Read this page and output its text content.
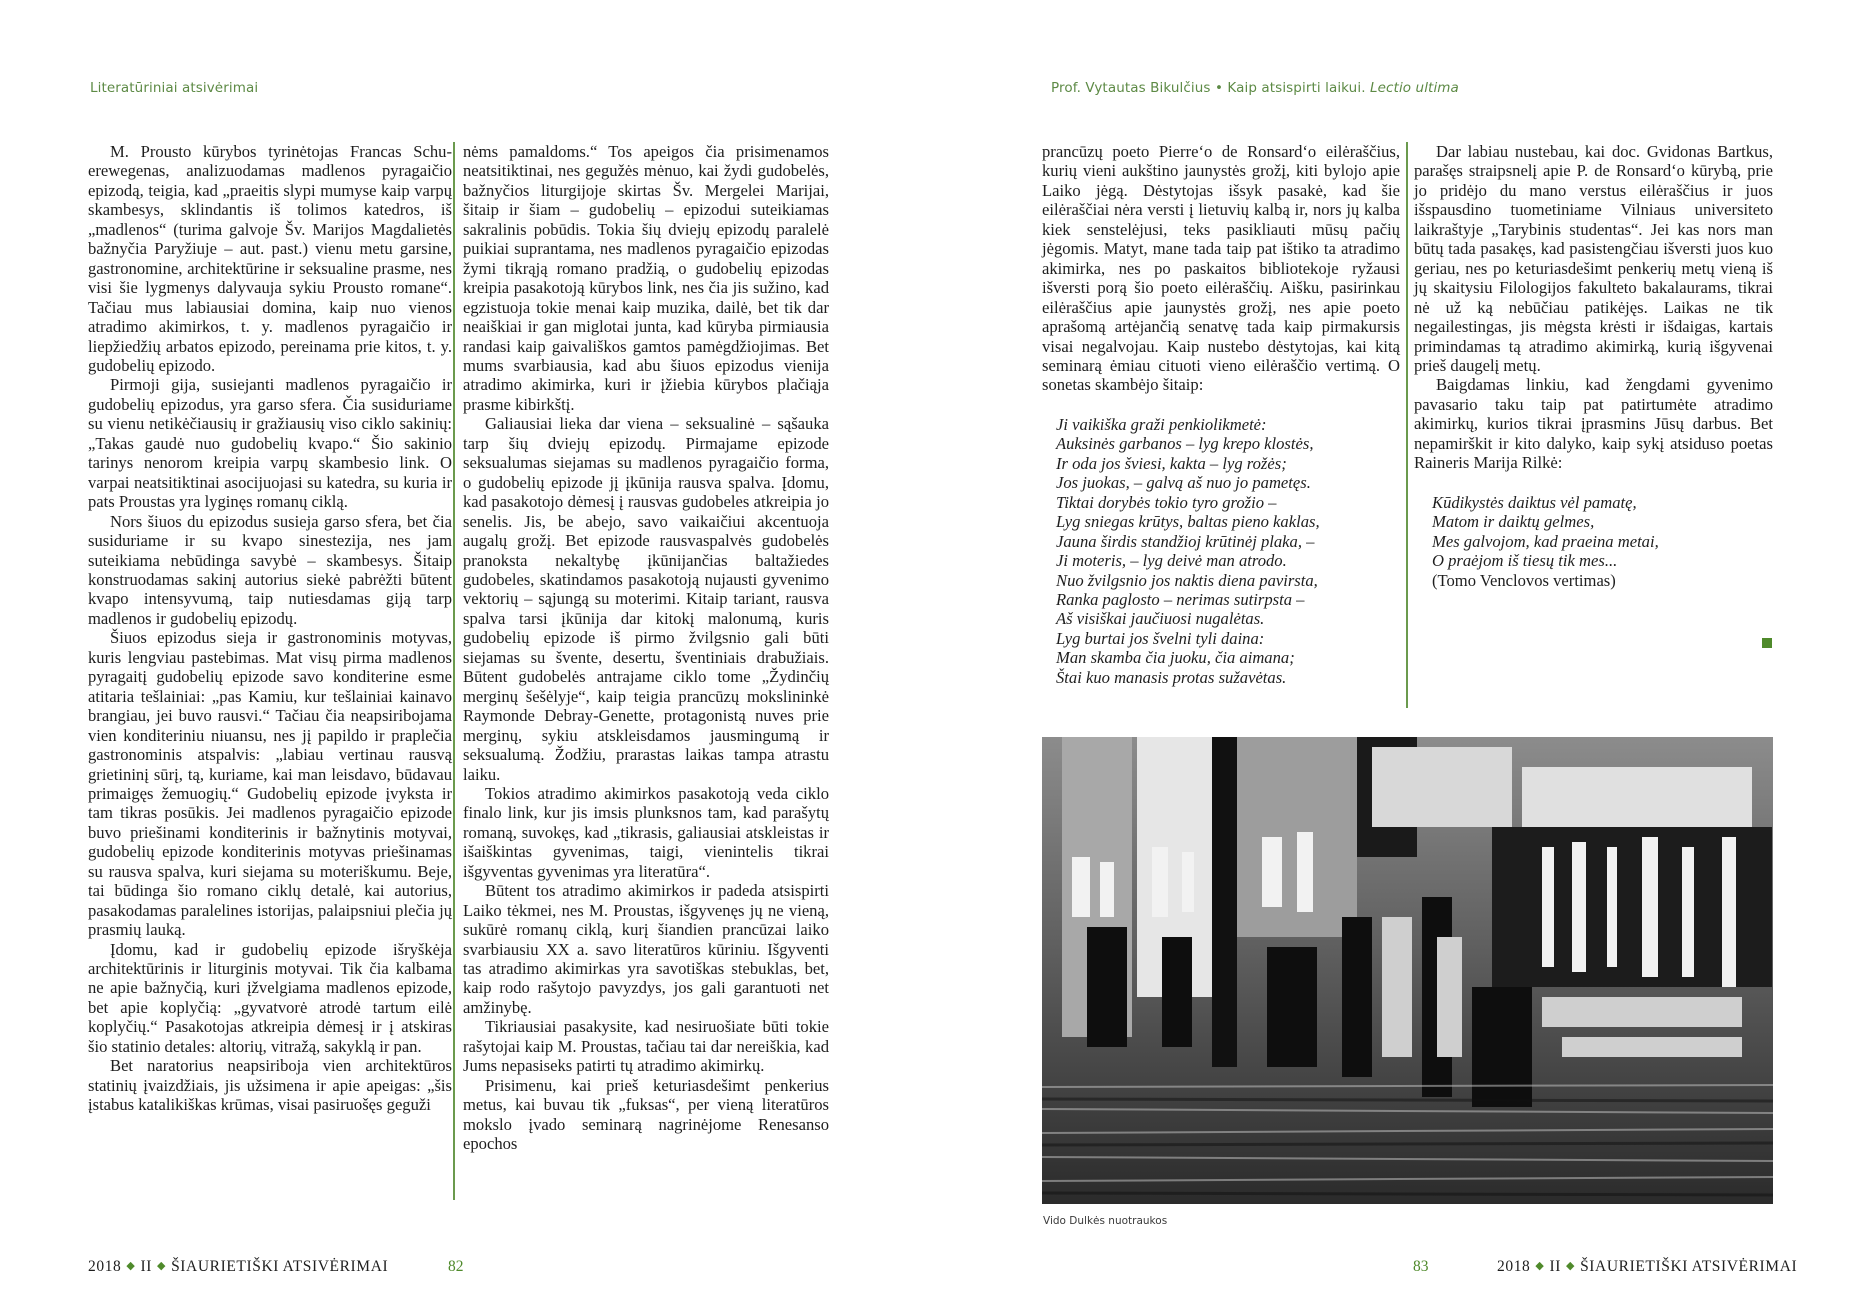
Literatūriniai atsivėrimai

M. Prousto kūrybos tyrinėtojas Francas Schuerewegenas, analizuodamas madlenos pyragaičio epizodą, teigia, kad „praeitis slypi mumyse kaip varpų skambesys, sklindantis iš tolimos katedros, iš „madlenos“ (turima galvoje Šv. Marijos Magdalietės bažnyčia Paryžiuje – aut. past.) vienu metu garsine, gastronomine, architektūrine ir seksualine prasme, nes visi šie lygmenys dalyvauja sykiu Prousto romane“. Tačiau mus labiausiai domina, kaip nuo vienos atradimo akimirkos, t. y. madlenos pyragaičio ir liepžiedžių arbatos epizodo, pereinama prie kitos, t. y. gudobelių epizodo.

Pirmoji gija, susiejanti madlenos pyragaičio ir gudobelių epizodus, yra garso sfera. Čia susiduriame su vienu netikėčiausių ir gražiausių viso ciklo sakinių: „Takas gaudė nuo gudobelių kvapo.“ Šio sakinio tarinys nenorom kreipia varpų skambesio link. O varpai neatsitiktinai asocijuojasi su katedra, su kuria ir pats Proustas yra lyginęs romanų ciklą.

Nors šiuos du epizodus susieja garso sfera, bet čia susiduriame ir su kvapo sinestezija, nes jam suteikiama nebūdinga savybė – skambesys. Šitaip konstruodamas sakinį autorius siekė pabrėžti būtent kvapo intensyvumą, taip nutiesdamas giją tarp madlenos ir gudobelių epizodų.

Šiuos epizodus sieja ir gastronominis motyvas, kuris lengviau pastebimas. Mat visų pirma madlenos pyragaitį gudobelių epizode savo konditerine esme atitaria tešlainiai: „pas Kamiu, kur tešlainiai kainavo brangiau, jei buvo rausvi.“ Tačiau čia neapsiribojama vien konditeriniu niuansu, nes jį papildo ir praplečia gastronominis atspalvis: „labiau vertinau rausvą grietininį sūrį, tą, kuriame, kai man leisdavo, būdavau primaigęs žemuogių.“ Gudobelių epizode įvyksta ir tam tikras posūkis. Jei madlenos pyragaičio epizode buvo priešinami konditerinis ir bažnytinis motyvai, gudobelių epizode konditerinis motyvas priešinamas su rausva spalva, kuri siejama su moteriškumu. Beje, tai būdinga šio romano ciklų detalė, kai autorius, pasakodamas paralelines istorijas, palaipsniui plečia jų prasmių lauką.

Įdomu, kad ir gudobelių epizode išryškėja architektūrinis ir liturginis motyvai. Tik čia kalbama ne apie bažnyčią, kuri įžvelgiama madlenos epizode, bet apie koplyčią: „gyvatvorė atrodė tartum eilė koplyčių.“ Pasakotojas atkreipia dėmesį ir į atskiras šio statinio detales: altorių, vitražą, sakyklą ir pan.

Bet naratorius neapsiriboja vien architektūros statinių įvaizdžiais, jis užsimena ir apie apeigas: „šis įstabus katalikiškas krūmas, visai pasiruošęs geguži

nėms pamaldoms.“ Tos apeigos čia prisimenamos neatsitiktinai, nes gegužės mėnuo, kai žydi gudobelės, bažnyčios liturgijoje skirtas Šv. Mergelei Marijai, šitaip ir šiam – gudobelių – epizodui suteikiamas sakralinis pobūdis. Tokia šių dviejų epizodų paralelė puikiai suprantama, nes madlenos pyragaičio epizodas žymi tikrąją romano pradžią, o gudobelių epizodas kreipia pasakotoją kūrybos link, nes čia jis sužino, kad egzistuoja tokie menai kaip muzika, dailė, bet tik dar neaiškiai ir gan miglotai junta, kad kūryba pirmiausia randasi kaip gaivališkos gamtos pamėgdžiojimas. Bet mums svarbiausia, kad abu šiuos epizodus vienija atradimo akimirka, kuri ir įžiebia kūrybos plačiąja prasme kibirkštį.

Galiausiai lieka dar viena – seksualinė – sąšauka tarp šių dviejų epizodų. Pirmajame epizode seksualumas siejamas su madlenos pyragaičio forma, o gudobelių epizode jį įkūnija rausva spalva. Įdomu, kad pasakotojo dėmesį į rausvas gudobeles atkreipia jo senelis. Jis, be abejo, savo vaikaičiui akcentuoja augalų grožį. Bet epizode rausvaspalvės gudobelės pranokstа nekaltybę įkūnijančias baltažiedes gudobeles, skatindamos pasakotoją nujausti gyvenimo vektorių – sąjungą su moterimi. Kitaip tariant, rausva spalva tarsi įkūnija dar kitokį malonumą, kuris gudobelių epizode iš pirmo žvilgsnio gali būti siejamas su švente, desertu, šventiniais drabužiais. Būtent gudobelės antrajame ciklo tome „Žydinčių merginų šešėlyje“, kaip teigia prancūzų mokslininkė Raymonde Debray-Genette, protagonistą nuves prie merginų, sykiu atskleisdamos jausmingumą ir seksualumą. Žodžiu, prarastas laikas tampa atrastu laiku.

Tokios atradimo akimirkos pasakotoją veda ciklo finalo link, kur jis imsis plunksnos tam, kad parašytų romaną, suvokęs, kad „tikrasis, galiausiai atskleistas ir išaiškintas gyvenimas, taigi, vienintelis tikrai išgyventas gyvenimas yra literatūra“.

Būtent tos atradimo akimirkos ir padeda atsispirti Laiko tėkmei, nes M. Proustas, išgyvenęs jų ne vieną, sukūrė romanų ciklą, kurį šiandien prancūzai laiko svarbiausiu XX a. savo literatūros kūriniu. Išgyventi tas atradimo akimirkas yra savotiškas stebuklas, bet, kaip rodo rašytojo pavyzdys, jos gali garantuoti net amžinybę.

Tikriausiai pasakysite, kad nesiruošiate būti tokie rašytojai kaip M. Proustas, tačiau tai dar nereiškia, kad Jums nepasiseks patirti tų atradimo akimirkų.

Prisimenu, kai prieš keturiasdešimt penkerius metus, kai buvau tik „fuksas“, per vieną literatūros mokslo įvado seminarą nagrinėjome Renesanso epochos

2018 ◆ II ◆ ŠIAURIETIŠKI ATSIVĖRIMAI	82
Prof. Vytautas Bikulčius • Kaip atsispirti laikui. Lectio ultima

prancūzų poeto Pierre‘o de Ronsard‘o eilėraščius, kurių vieni aukštino jaunystės grožį, kiti bylojo apie Laiko jėgą. Dėstytojas išsyk pasakė, kad šie eilėraščiai nėra versti į lietuvių kalbą ir, nors jų kalba kiek senstelėjusi, teks pasikliauti mūsų pačių jėgomis. Matyt, mane tada taip pat ištiko ta atradimo akimirka, nes po paskaitos bibliotekoje ryžausi išversti porą šio poeto eilėraščių. Aišku, pasirinkau eilėraščius apie jaunystės grožį, nes apie poeto aprašomą artėjančią senatvę tada kaip pirmakursis visai negalvojau. Kaip nustebo dėstytojas, kai kitą seminarą ėmiau cituoti vieno eilėraščio vertimą. O sonetas skambėjo šitaip:

Ji vaikiška graži penkiolikmetė:
Auksinės garbanos – lyg krepo klostės,
Ir oda jos šviesi, kakta – lyg rožės;
Jos juokas, – galvą aš nuo jo pametęs.
Tiktai dorybės tokio tyro grožio –
Lyg sniegas krūtys, baltas pieno kaklas,
Jauna širdis standžioj krūtinėj plaka, –
Ji moteris, – lyg deivė man atrodo.
Nuo žvilgsnio jos naktis diena pavirsta,
Ranka paglosto – nerimas sutirpsta –
Aš visiškai jaučiuosi nugalėtas.
Lyg burtai jos švelni tyli daina:
Man skamba čia juoku, čia aimana;
Štai kuo manasis protas sužavėtas.

Dar labiau nustebau, kai doc. Gvidonas Bartkus, parašęs straipsnelį apie P. de Ronsard‘o kūrybą, prie jo pridėjo du mano verstus eilėraščius ir juos išspausdino tuometiniame Vilniaus universiteto laikraštyje „Tarybinis studentas“. Jei kas nors man būtų tada pasakęs, kad pasistengčiau išversti juos kuo geriau, nes po keturiasdešimt penkerių metų vieną iš jų skaitysiu Filologijos fakulteto bakalaurams, tikrai nė už ką nebūčiau patikėjęs. Laikas ne tik negailestingas, jis mėgsta krėsti ir išdaigas, kartais primindamas tą atradimo akimirką, kurią išgyvenai prieš daugelį metų.

Baigdamas linkiu, kad žengdami gyvenimo pavasario taku taip pat patirtumėte atradimo akimirkų, kurios tikrai įprasmins Jūsų darbus. Bet nepamirškit ir kito dalyko, kaip sykį atsiduso poetas Raineris Marija Rilkė:

Kūdikystės daiktus vėl pamatę,
Matom ir daiktų gelmes,
Mes galvojom, kad praeina metai,
O praėjom iš tiesų tik mes...
(Tomo Venclovos vertimas)
Vido Dulkės nuotraukos
83	2018 ◆ II ◆ ŠIAURIETIŠKI ATSIVĖRIMAI
